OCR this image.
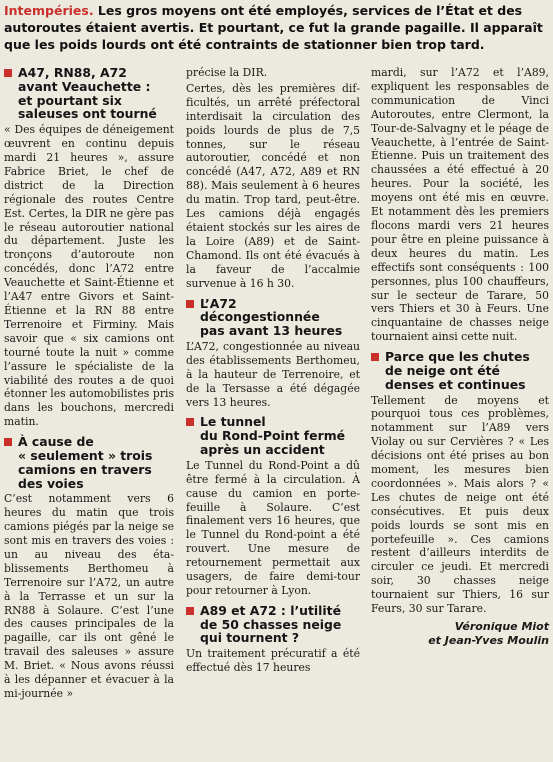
Intempéries. Les gros moyens ont été employés, services de l’État et des autoroutes étaient avertis. Et pourtant, ce fut la grande pagaille. Il apparaît que les poids lourds ont été contraints de stationner bien trop tard.
A47, RN88, A72
avant Veauchette :
et pourtant six
saleuses ont tourné

« Des équipes de déneigement œuvrent en continu depuis mardi 21 heures », assure Fabrice Briet, le chef de district de la Direction régionale des routes Centre Est. Certes, la DIR ne gère pas le réseau autoroutier national du département. Juste les tronçons d’autoroute non concédés, donc l’A72 entre Veauchette et Saint-Étienne et l’A47 entre Givors et Saint-Étienne et la RN 88 entre Terrenoire et Firminy. Mais savoir que « six camions ont tourné toute la nuit » comme l’assure le spécialiste de la viabilité des routes a de quoi étonner les automobilistes pris dans les bouchons, mercredi matin.

À cause de
« seulement » trois
camions en travers
des voies

C’est notamment vers 6 heures du matin que trois camions piégés par la neige se sont mis en travers des voies : un au niveau des établissements Berthomeu à Terrenoire sur l’A72, un autre à la Terrasse et un sur la RN88 à Solaure. C’est l’une des causes principales de la pagaille, car ils ont gêné le travail des saleuses » assure M. Briet. « Nous avons réussi à les dépanner et évacuer à la mi-journée »

précise la DIR.

Certes, dès les premières difficultés, un arrêté préfectoral interdisait la circulation des poids lourds de plus de 7,5 tonnes, sur le réseau autoroutier, concédé et non concédé (A47, A72, A89 et RN 88). Mais seulement à 6 heures du matin. Trop tard, peut-être. Les camions déjà engagés étaient stockés sur les aires de la Loire (A89) et de Saint-Chamond. Ils ont été évacués à la faveur de l’accalmie survenue à 16 h 30.

L’A72
décongestionnée
pas avant 13 heures

L’A72, congestionnée au niveau des établissements Berthomeu, à la hauteur de Terrenoire, et de la Tersasse a été dégagée vers 13 heures.

Le tunnel
du Rond-Point fermé
après un accident

Le Tunnel du Rond-Point a dû être fermé à la circulation. À cause du camion en porte-feuille à Solaure. C’est finalement vers 16 heures, que le Tunnel du Rond-point a été rouvert. Une mesure de retournement permettait aux usagers, de faire demi-tour pour retourner à Lyon.

A89 et A72 : l’utilité
de 50 chasses neige
qui tournent ?

Un traitement précuratif a été effectué dès 17 heures

mardi, sur l’A72 et l’A89, expliquent les responsables de communication de Vinci Autoroutes, entre Clermont, la Tour-de-Salvagny et le péage de Veauchette, à l’entrée de Saint-Étienne. Puis un traitement des chaussées a été effectué à 20 heures. Pour la société, les moyens ont été mis en œuvre. Et notamment dès les premiers flocons mardi vers 21 heures pour être en pleine puissance à deux heures du matin. Les effectifs sont conséquents : 100 personnes, plus 100 chauffeurs, sur le secteur de Tarare, 50 vers Thiers et 30 à Feurs. Une cinquantaine de chasses neige tournaient ainsi cette nuit.

Parce que les chutes
de neige ont été
denses et continues

Tellement de moyens et pourquoi tous ces problèmes, notamment sur l’A89 vers Violay ou sur Cervières ? « Les décisions ont été prises au bon moment, les mesures bien coordonnées ». Mais alors ? « Les chutes de neige ont été consécutives. Et puis deux poids lourds se sont mis en portefeuille ». Ces camions restent d’ailleurs interdits de circuler ce jeudi. Et mercredi soir, 30 chasses neige tournaient sur Thiers, 16 sur Feurs, 30 sur Tarare.

Véronique Miot
et Jean-Yves Moulin
